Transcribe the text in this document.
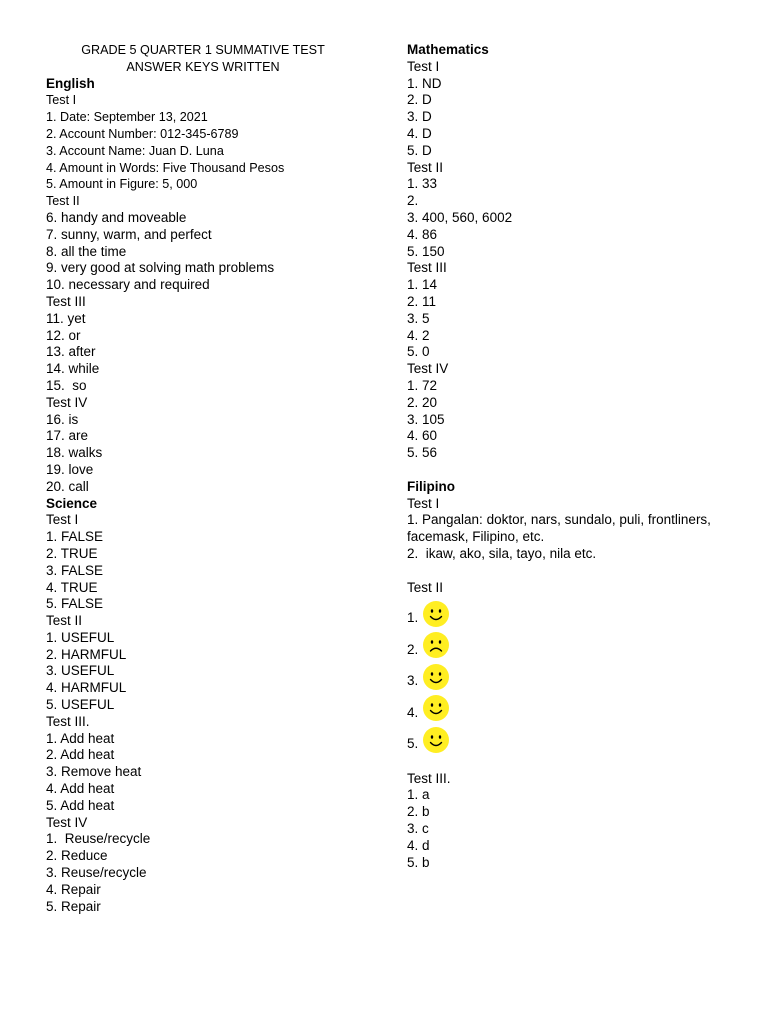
GRADE 5 QUARTER 1 SUMMATIVE TEST
ANSWER KEYS WRITTEN
English
Test I
1. Date: September 13, 2021
2. Account Number: 012-345-6789
3. Account Name: Juan D. Luna
4. Amount in Words: Five Thousand Pesos
5. Amount in Figure: 5, 000
Test II
6. handy and moveable
7. sunny, warm, and perfect
8. all the time
9. very good at solving math problems
10. necessary and required
Test III
11. yet
12. or
13. after
14. while
15.  so
Test IV
16. is
17. are
18. walks
19. love
20. call
Science
Test I
1. FALSE
2. TRUE
3. FALSE
4. TRUE
5. FALSE
Test II
1. USEFUL
2. HARMFUL
3. USEFUL
4. HARMFUL
5. USEFUL
Test III.
1. Add heat
2. Add heat
3. Remove heat
4. Add heat
5. Add heat
Test IV
1.  Reuse/recycle
2. Reduce
3. Reuse/recycle
4. Repair
5. Repair
Mathematics
Test I
1. ND
2. D
3. D
4. D
5. D
Test II
1. 33
2.
3. 400, 560, 6002
4. 86
5. 150
Test III
1. 14
2. 11
3. 5
4. 2
5. 0
Test IV
1. 72
2. 20
3. 105
4. 60
5. 56
Filipino
Test I
1. Pangalan: doktor, nars, sundalo, puli, frontliners, facemask, Filipino, etc.
2.  ikaw, ako, sila, tayo, nila etc.
Test II
1.
2.
3.
4.
5.
Test III.
1. a
2. b
3. c
4. d
5. b
